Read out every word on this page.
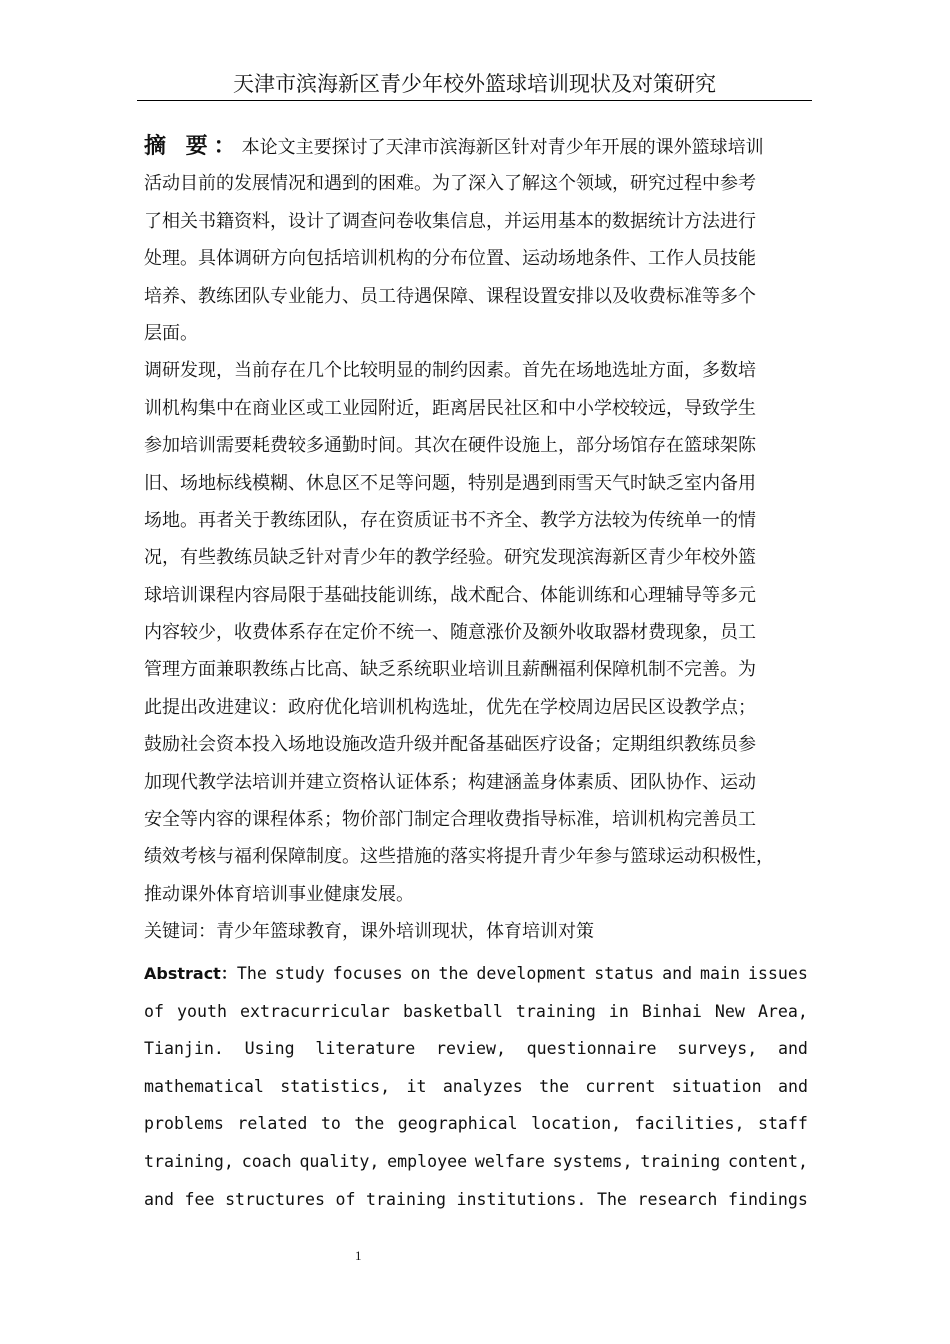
天津市滨海新区青少年校外篮球培训现状及对策研究
摘 要：本论文主要探讨了天津市滨海新区针对青少年开展的课外篮球培训
活动目前的发展情况和遇到的困难。为了深入了解这个领域，研究过程中参考
了相关书籍资料，设计了调查问卷收集信息，并运用基本的数据统计方法进行
处理。具体调研方向包括培训机构的分布位置、运动场地条件、工作人员技能
培养、教练团队专业能力、员工待遇保障、课程设置安排以及收费标准等多个
层面。
调研发现，当前存在几个比较明显的制约因素。首先在场地选址方面，多数培
训机构集中在商业区或工业园附近，距离居民社区和中小学校较远，导致学生
参加培训需要耗费较多通勤时间。其次在硬件设施上，部分场馆存在篮球架陈
旧、场地标线模糊、休息区不足等问题，特别是遇到雨雪天气时缺乏室内备用
场地。再者关于教练团队，存在资质证书不齐全、教学方法较为传统单一的情
况，有些教练员缺乏针对青少年的教学经验。研究发现滨海新区青少年校外篮
球培训课程内容局限于基础技能训练，战术配合、体能训练和心理辅导等多元
内容较少，收费体系存在定价不统一、随意涨价及额外收取器材费现象，员工
管理方面兼职教练占比高、缺乏系统职业培训且薪酬福利保障机制不完善。为
此提出改进建议：政府优化培训机构选址，优先在学校周边居民区设教学点；
鼓励社会资本投入场地设施改造升级并配备基础医疗设备；定期组织教练员参
加现代教学法培训并建立资格认证体系；构建涵盖身体素质、团队协作、运动
安全等内容的课程体系；物价部门制定合理收费指导标准，培训机构完善员工
绩效考核与福利保障制度。这些措施的落实将提升青少年参与篮球运动积极性，
推动课外体育培训事业健康发展。
关键词：青少年篮球教育，课外培训现状，体育培训对策
Abstract：The study focuses on the development status and main issues
of youth extracurricular basketball training in Binhai New Area,
Tianjin. Using literature review, questionnaire surveys, and
mathematical statistics, it analyzes the current situation and
problems related to the geographical location, facilities, staff
training, coach quality, employee welfare systems, training content,
and fee structures of training institutions. The research findings
1
